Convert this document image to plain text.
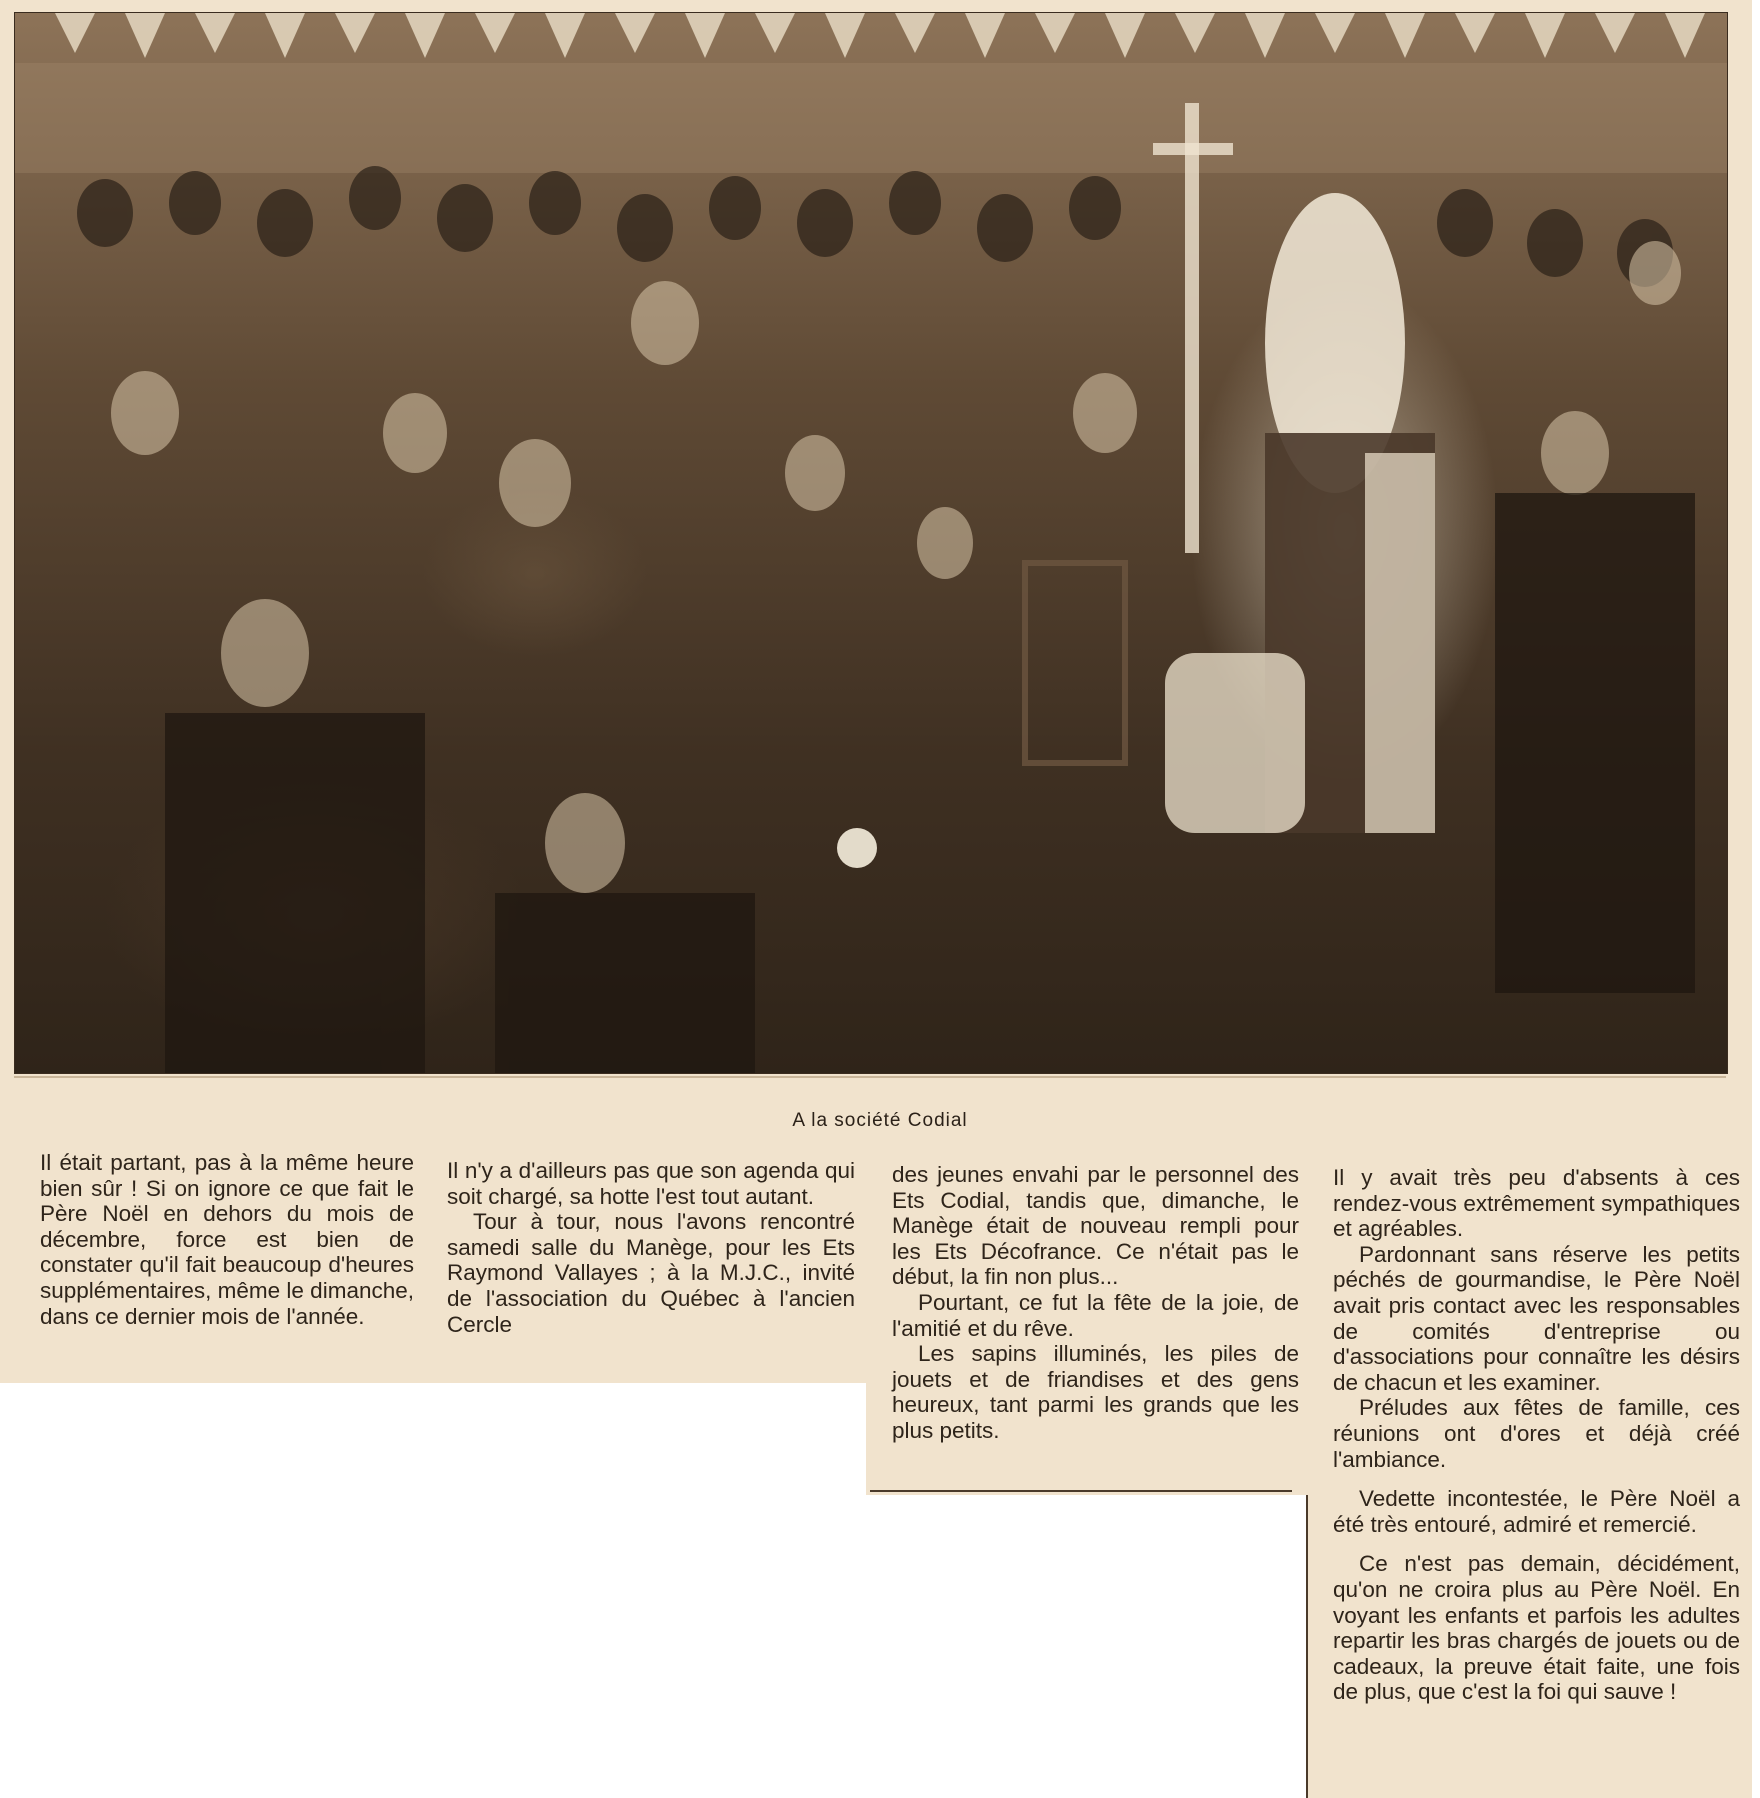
A la société Codial

Il était partant, pas à la même heure bien sûr ! Si on ignore ce que fait le Père Noël en dehors du mois de décembre, force est bien de constater qu'il fait beaucoup d'heures supplémentaires, même le dimanche, dans ce dernier mois de l'année.

Il n'y a d'ailleurs pas que son agenda qui soit chargé, sa hotte l'est tout autant.

Tour à tour, nous l'avons rencontré samedi salle du Manège, pour les Ets Raymond Vallayes ; à la M.J.C., invité de l'association du Québec à l'ancien Cercle

des jeunes envahi par le personnel des Ets Codial, tandis que, dimanche, le Manège était de nouveau rempli pour les Ets Décofrance. Ce n'était pas le début, la fin non plus...

Pourtant, ce fut la fête de la joie, de l'amitié et du rêve.

Les sapins illuminés, les piles de jouets et de friandises et des gens heureux, tant parmi les grands que les plus petits.

Il y avait très peu d'absents à ces rendez-vous extrêmement sympathiques et agréables.

Pardonnant sans réserve les petits péchés de gourmandise, le Père Noël avait pris contact avec les responsables de comités d'entreprise ou d'associations pour connaître les désirs de chacun et les examiner.

Préludes aux fêtes de famille, ces réunions ont d'ores et déjà créé l'ambiance.

Vedette incontestée, le Père Noël a été très entouré, admiré et remercié.

Ce n'est pas demain, décidément, qu'on ne croira plus au Père Noël. En voyant les enfants et parfois les adultes repartir les bras chargés de jouets ou de cadeaux, la preuve était faite, une fois de plus, que c'est la foi qui sauve !
